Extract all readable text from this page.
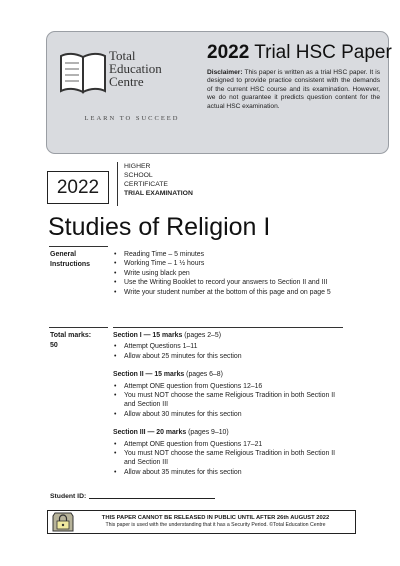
Total
Education
Centre
LEARN TO SUCCEED
2022 Trial HSC Paper
Disclaimer: This paper is written as a trial HSC paper. It is designed to provide practice consistent with the demands of the current HSC course and its examination. However, we do not guarantee it predicts question content for the actual HSC examination.
2022
HIGHER
SCHOOL
CERTIFICATE
TRIAL EXAMINATION
Studies of Religion I
General
Instructions
• Reading Time – 5 minutes
• Working Time – 1 ½ hours
• Write using black pen
• Use the Writing Booklet to record your answers to Section II and III
• Write your student number at the bottom of this page and on page 5
Total marks:
50
Section I — 15 marks (pages 2–5)
• Attempt Questions 1–11
• Allow about 25 minutes for this section
Section II — 15 marks (pages 6–8)
• Attempt ONE question from Questions 12–16
• You must NOT choose the same Religious Tradition in both Section II and Section III
• Allow about 30 minutes for this section
Section III — 20 marks (pages 9–10)
• Attempt ONE question from Questions 17–21
• You must NOT choose the same Religious Tradition in both Section II and Section III
• Allow about 35 minutes for this section
Student ID:
THIS PAPER CANNOT BE RELEASED IN PUBLIC UNTIL AFTER 26th AUGUST 2022
This paper is used with the understanding that it has a Security Period. ©Total Education Centre
